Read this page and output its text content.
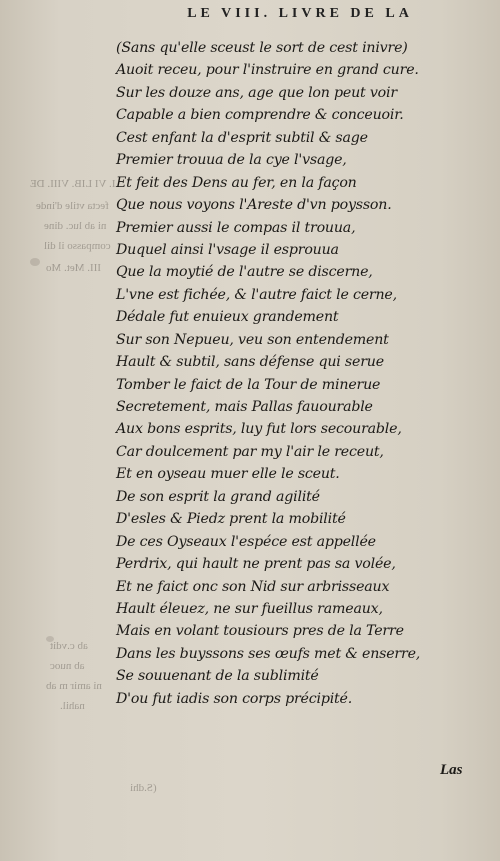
LE VIII. LIVRE DE LA
I. VI LIB. VIII. DE
fecta vtile d'inde
ni ab luc. dine
compasso il dil
III. Met. Mo
ab c.vdit
ab nuoc
ni amir m ab
nahil.
(S.dhi
(Sans qu'elle sceust le sort de cest inivre)
Auoit receu, pour l'instruire en grand cure.
Sur les douze ans, age que lon peut voir
Capable a bien comprendre & conceuoir.
Cest enfant la d'esprit subtil & sage
Premier trouua de la cye l'vsage,
Et feit des Dens au fer, en la façon
Que nous voyons l'Areste d'vn poysson.
Premier aussi le compas il trouua,
Duquel ainsi l'vsage il esprouua
Que la moytié de l'autre se discerne,
L'vne est fichée, & l'autre faict le cerne,
Dédale fut enuieux grandement
Sur son Nepueu, veu son entendement
Hault & subtil, sans défense qui serue
Tomber le faict de la Tour de minerue
Secretement, mais Pallas fauourable
Aux bons esprits, luy fut lors secourable,
Car doulcement par my l'air le receut,
Et en oyseau muer elle le sceut.
De son esprit la grand agilité
D'esles & Piedz prent la mobilité
De ces Oyseaux l'espéce est appellée
Perdrix, qui hault ne prent pas sa volée,
Et ne faict onc son Nid sur arbrisseaux
Hault éleuez, ne sur fueillus rameaux,
Mais en volant tousiours pres de la Terre
Dans les buyssons ses œufs met & enserre,
Se souuenant de la sublimité
D'ou fut iadis son corps précipité.
Las
